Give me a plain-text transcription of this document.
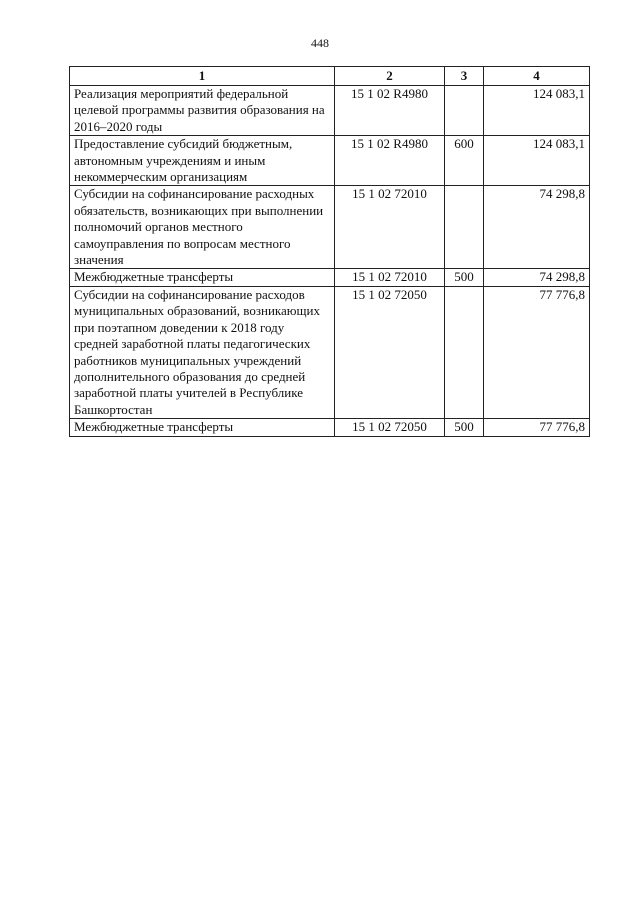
448
1	2	3	4
Реализация мероприятий федеральной целевой программы развития образования на 2016–2020 годы	15 1 02 R4980		124 083,1
Предоставление субсидий бюджетным, автономным учреждениям и иным некоммерческим организациям	15 1 02 R4980	600	124 083,1
Субсидии на софинансирование расходных обязательств, возникающих при выполнении полномочий органов местного самоуправления по вопросам местного значения	15 1 02 72010		74 298,8
Межбюджетные трансферты	15 1 02 72010	500	74 298,8
Субсидии на софинансирование расходов муниципальных образований, возникающих при поэтапном доведении к 2018 году средней заработной платы педагогических работников муниципальных учреждений дополнительного образования до средней заработной платы учителей в Республике Башкортостан	15 1 02 72050		77 776,8
Межбюджетные трансферты	15 1 02 72050	500	77 776,8
